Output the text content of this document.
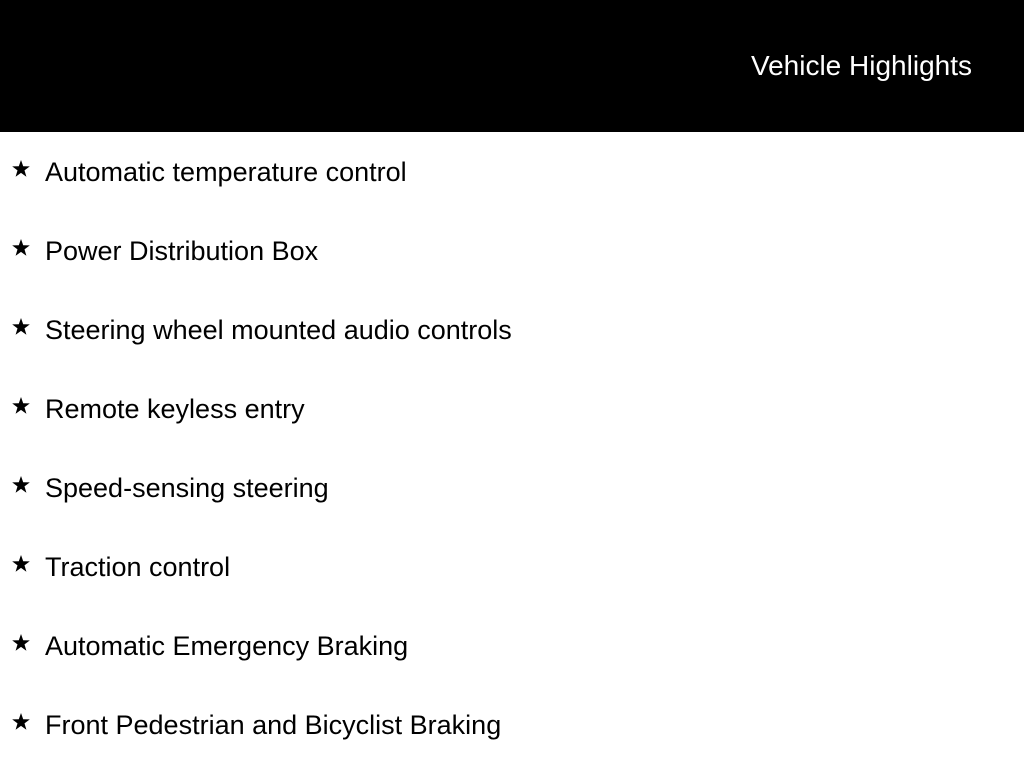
Vehicle Highlights
Automatic temperature control
Power Distribution Box
Steering wheel mounted audio controls
Remote keyless entry
Speed-sensing steering
Traction control
Automatic Emergency Braking
Front Pedestrian and Bicyclist Braking
